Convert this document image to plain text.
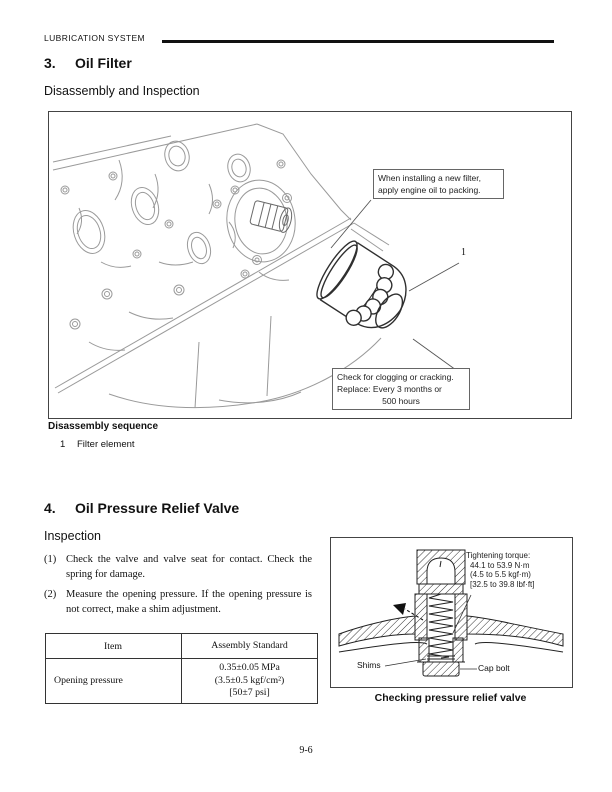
LUBRICATION SYSTEM
3.	Oil Filter
Disassembly and Inspection
When installing a new filter,
apply engine oil to packing.
Check for clogging or cracking.
Replace: Every 3 months or
500 hours
1
Disassembly sequence
1	Filter element
4.	Oil Pressure Relief Valve
Inspection
(1) Check the valve and valve seat for contact. Check the spring for damage.
(2) Measure the opening pressure. If the opening pressure is not correct, make a shim adjustment.
Item	Assembly Standard
Opening pressure	0.35±0.05 MPa
(3.5±0.5 kgf/cm²)
[50±7 psi]
Tightening torque:
44.1 to 53.9 N·m
(4.5 to 5.5 kgf·m)
[32.5 to 39.8 lbf·ft]
Shims	Cap bolt
Checking pressure relief valve
9-6
